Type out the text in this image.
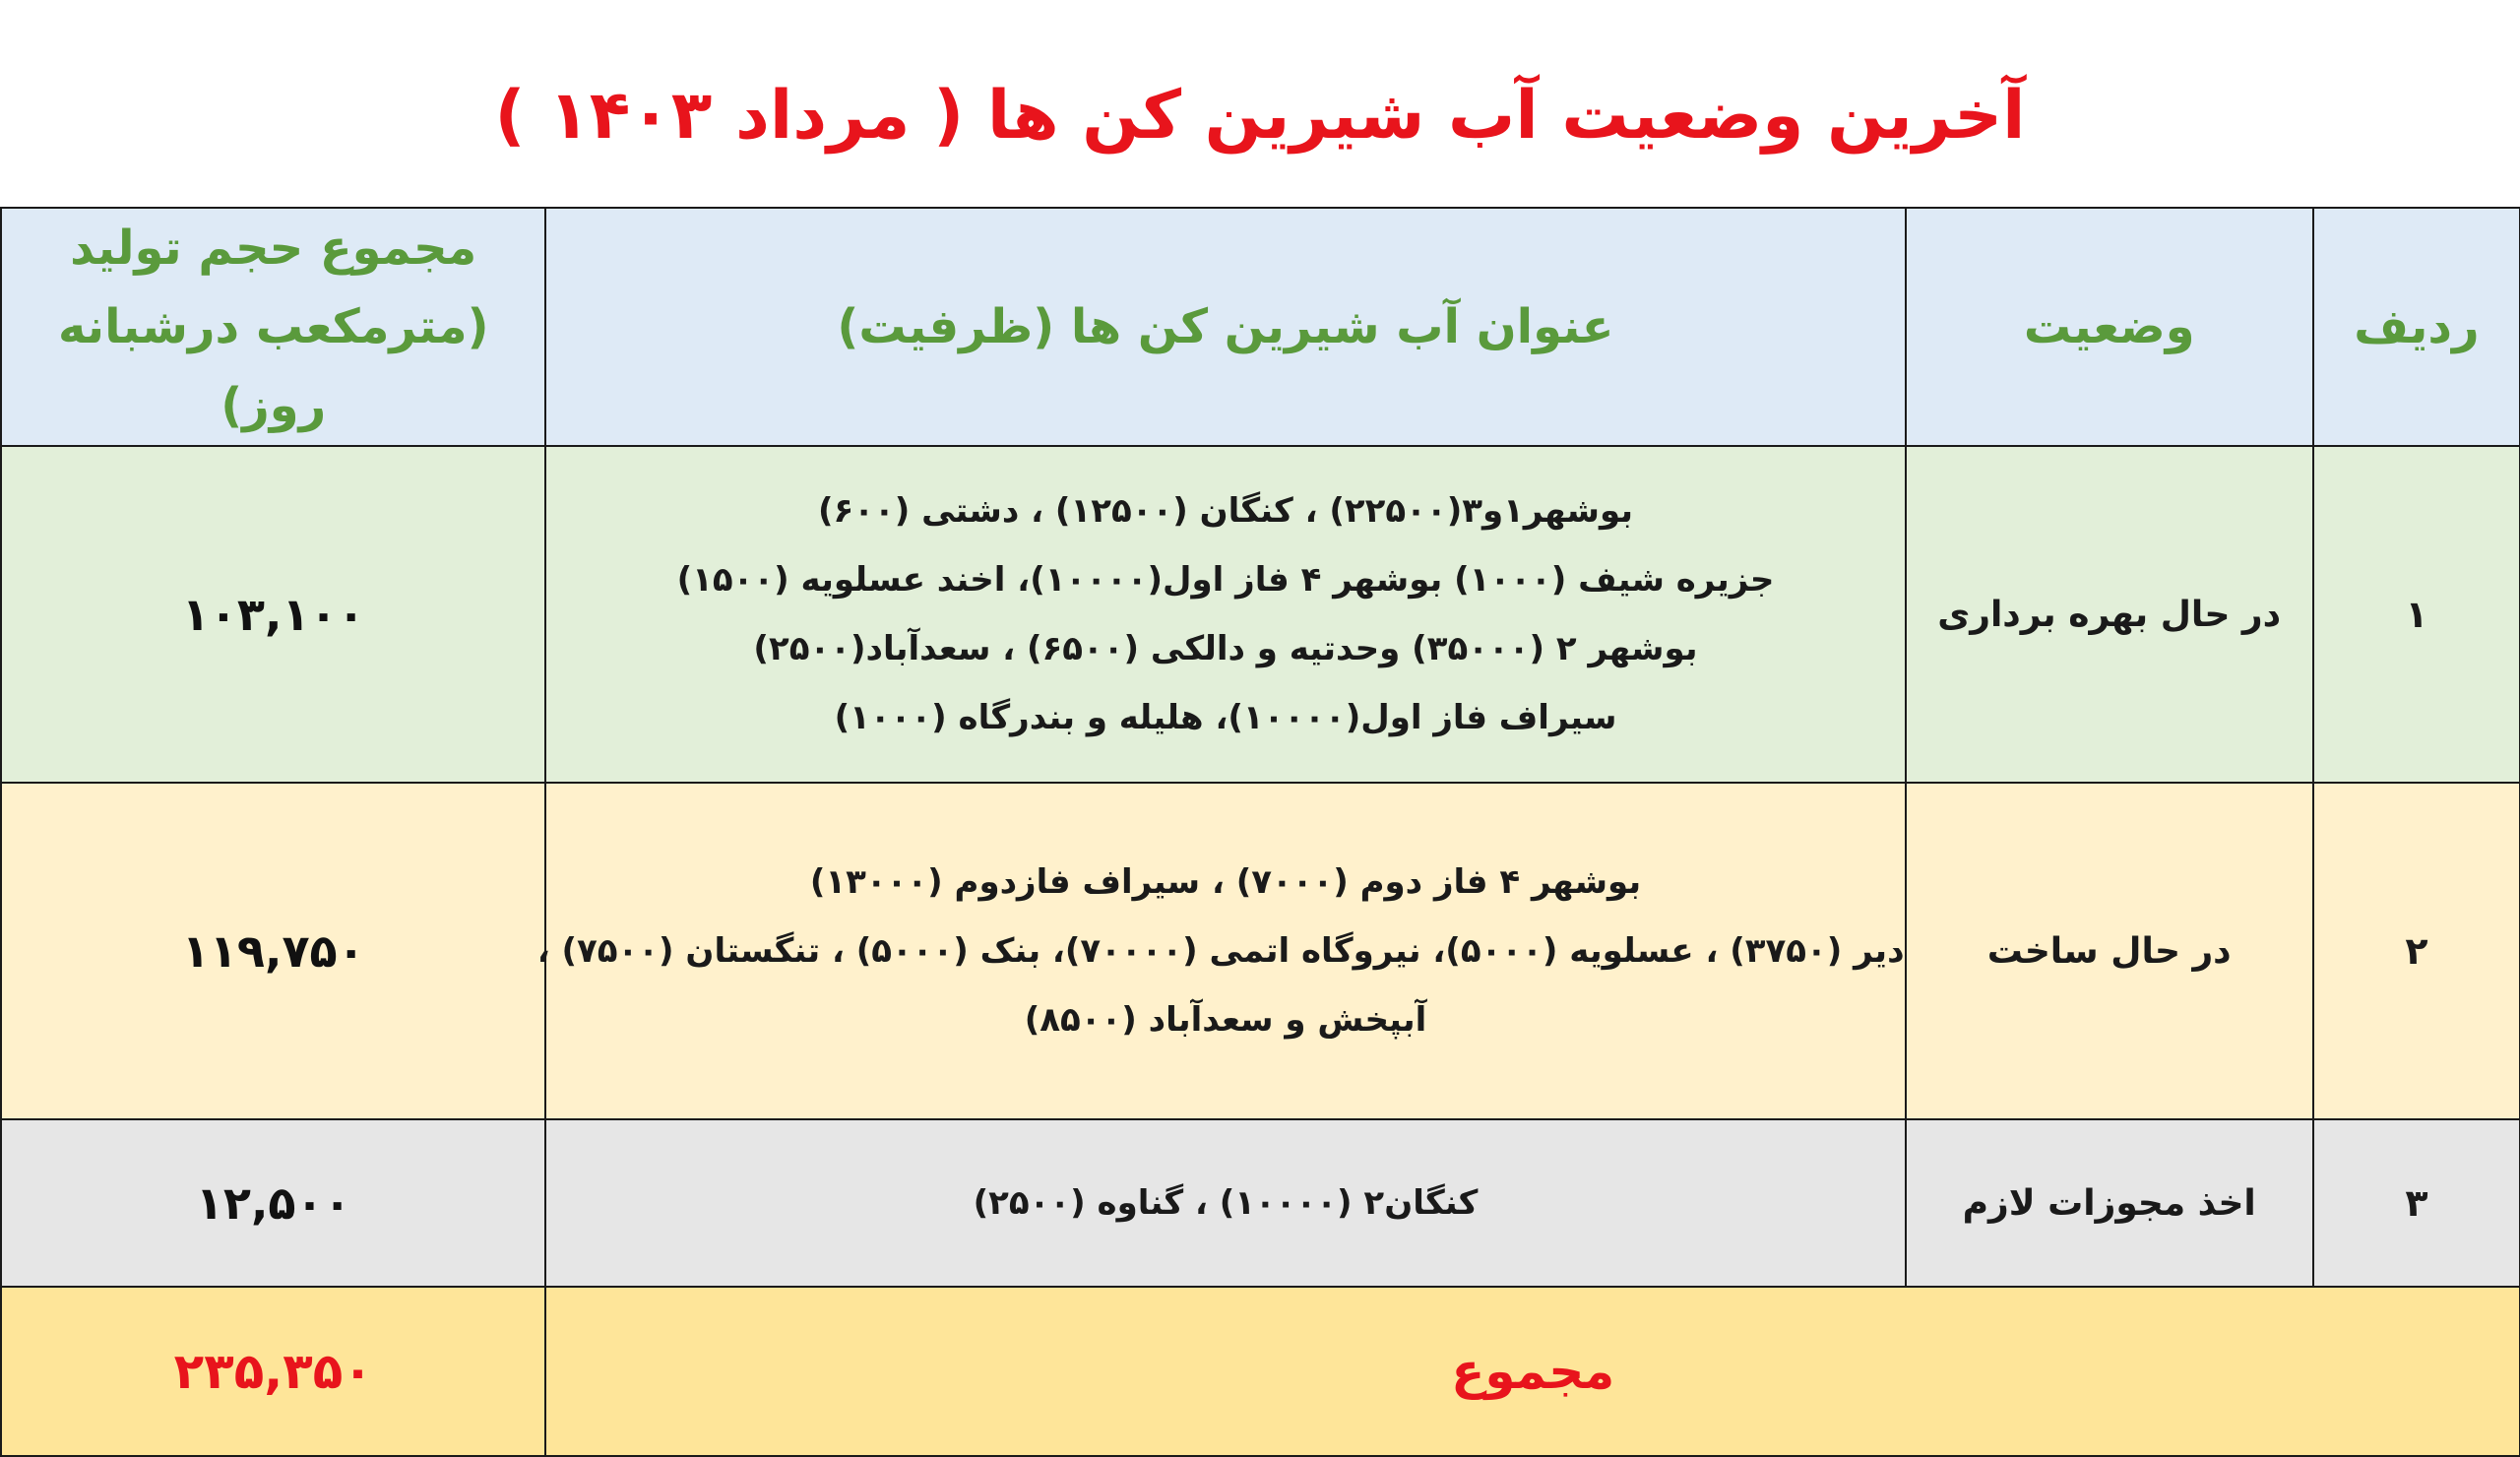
آخرین وضعیت آب شیرین کن ها ( مرداد ۱۴۰۳ )
ردیف	وضعیت	عنوان آب شیرین کن ها (ظرفیت)	مجموع حجم تولید
(مترمکعب درشبانه روز)

۱	در حال بهره برداری	بوشهر۱و۳(۲۲۵۰۰) ، کنگان (۱۲۵۰۰) ، دشتی (۶۰۰)
جزیره شیف (۱۰۰۰) بوشهر ۴ فاز اول(۱۰۰۰۰)، اخند عسلویه (۱۵۰۰)
بوشهر ۲ (۳۵۰۰۰) وحدتیه و دالکی (۶۵۰۰) ، سعدآباد(۲۵۰۰)
سیراف فاز اول(۱۰۰۰۰)، هلیله و بندرگاه (۱۰۰۰)	۱۰۳,۱۰۰
۲	در حال ساخت	بوشهر ۴ فاز دوم (۷۰۰۰) ، سیراف فازدوم (۱۳۰۰۰)
دیر (۳۷۵۰) ، عسلویه (۵۰۰۰)، نیروگاه اتمی (۷۰۰۰۰)، بنک (۵۰۰۰) ، تنگستان (۷۵۰۰) ،
آبپخش و سعدآباد (۸۵۰۰)	۱۱۹,۷۵۰
۳	اخذ مجوزات لازم	کنگان۲ (۱۰۰۰۰) ، گناوه (۲۵۰۰)	۱۲,۵۰۰
مجموع			۲۳۵,۳۵۰
